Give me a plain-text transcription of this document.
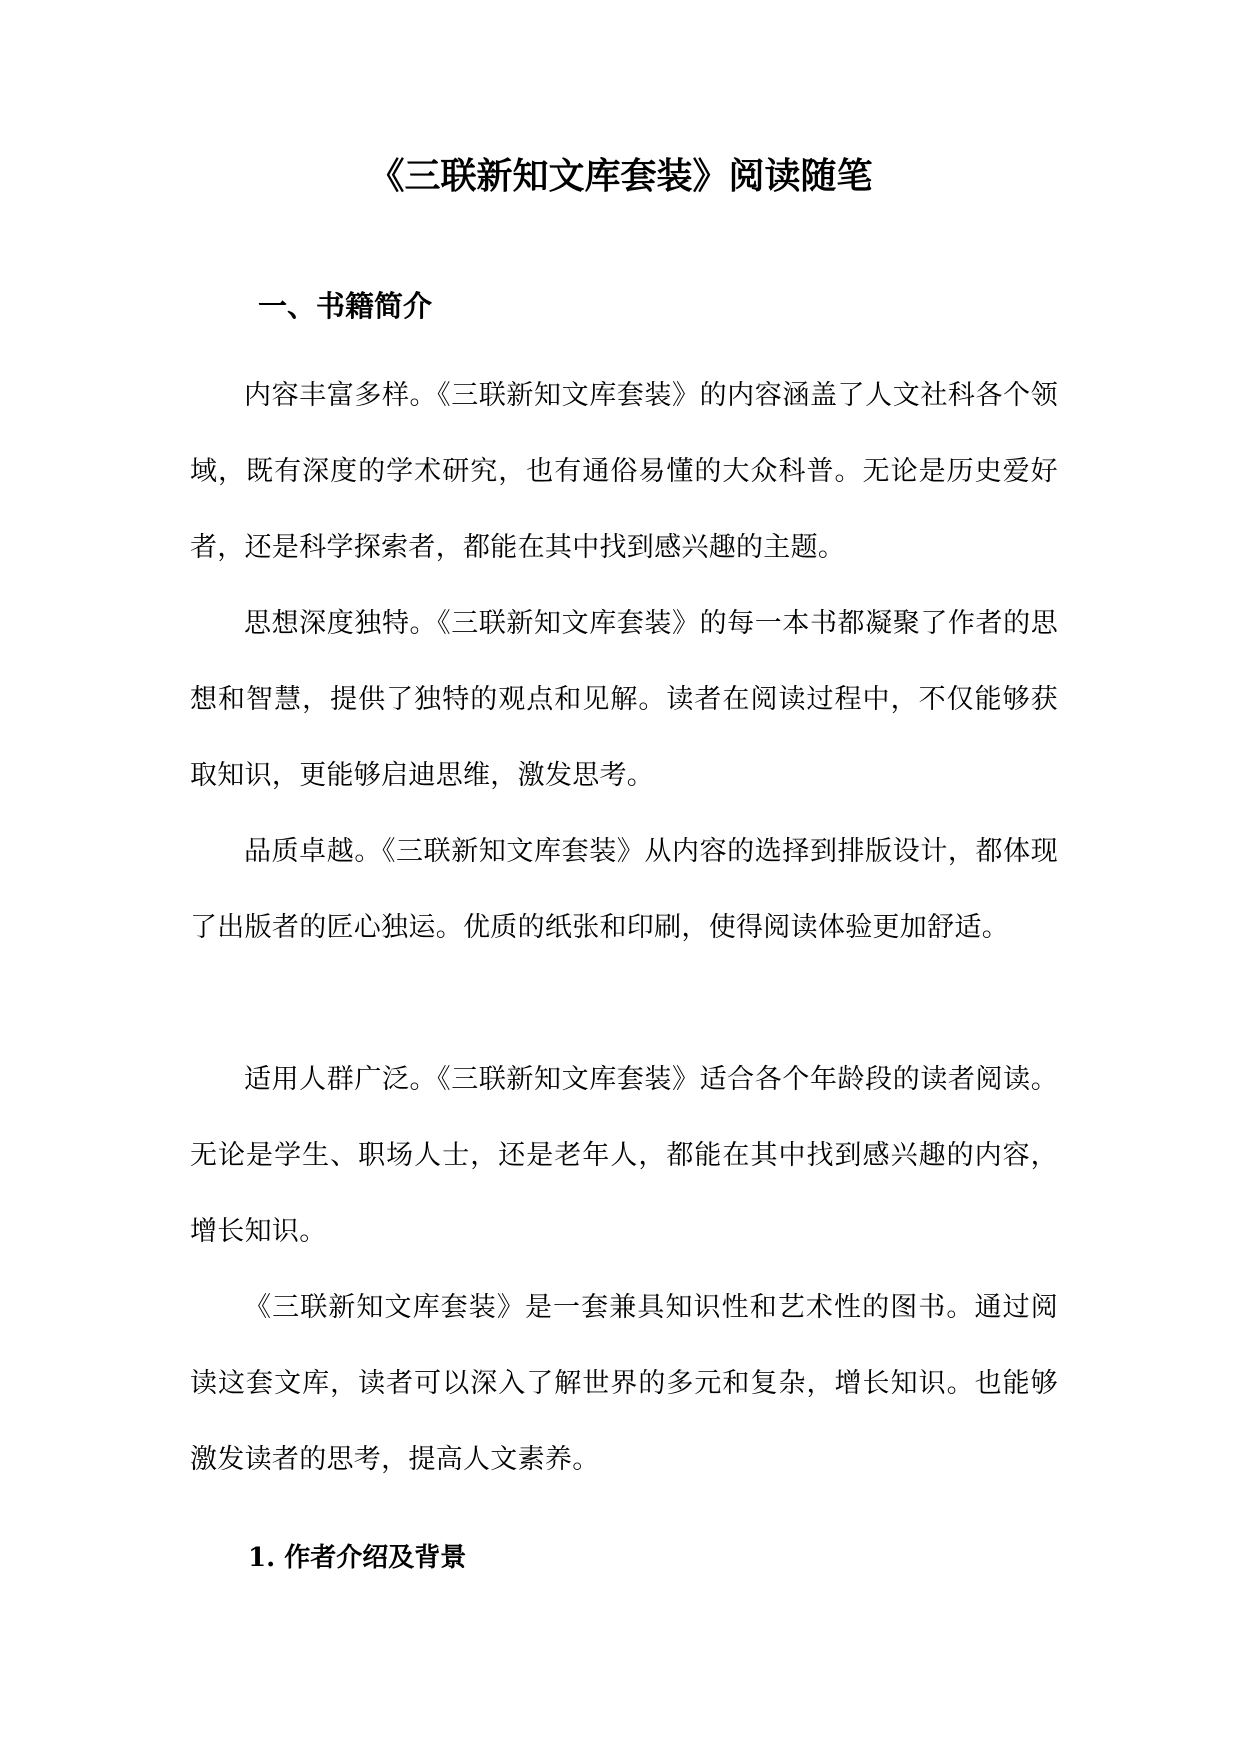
《三联新知文库套装》阅读随笔
一、书籍简介

内容丰富多样。《三联新知文库套装》的内容涵盖了人文社科各个领域，既有深度的学术研究，也有通俗易懂的大众科普。无论是历史爱好者，还是科学探索者，都能在其中找到感兴趣的主题。

思想深度独特。《三联新知文库套装》的每一本书都凝聚了作者的思想和智慧，提供了独特的观点和见解。读者在阅读过程中，不仅能够获取知识，更能够启迪思维，激发思考。

品质卓越。《三联新知文库套装》从内容的选择到排版设计，都体现了出版者的匠心独运。优质的纸张和印刷，使得阅读体验更加舒适。

适用人群广泛。《三联新知文库套装》适合各个年龄段的读者阅读。无论是学生、职场人士，还是老年人，都能在其中找到感兴趣的内容，增长知识。

《三联新知文库套装》是一套兼具知识性和艺术性的图书。通过阅读这套文库，读者可以深入了解世界的多元和复杂，增长知识。也能够激发读者的思考，提高人文素养。

1. 作者介绍及背景
